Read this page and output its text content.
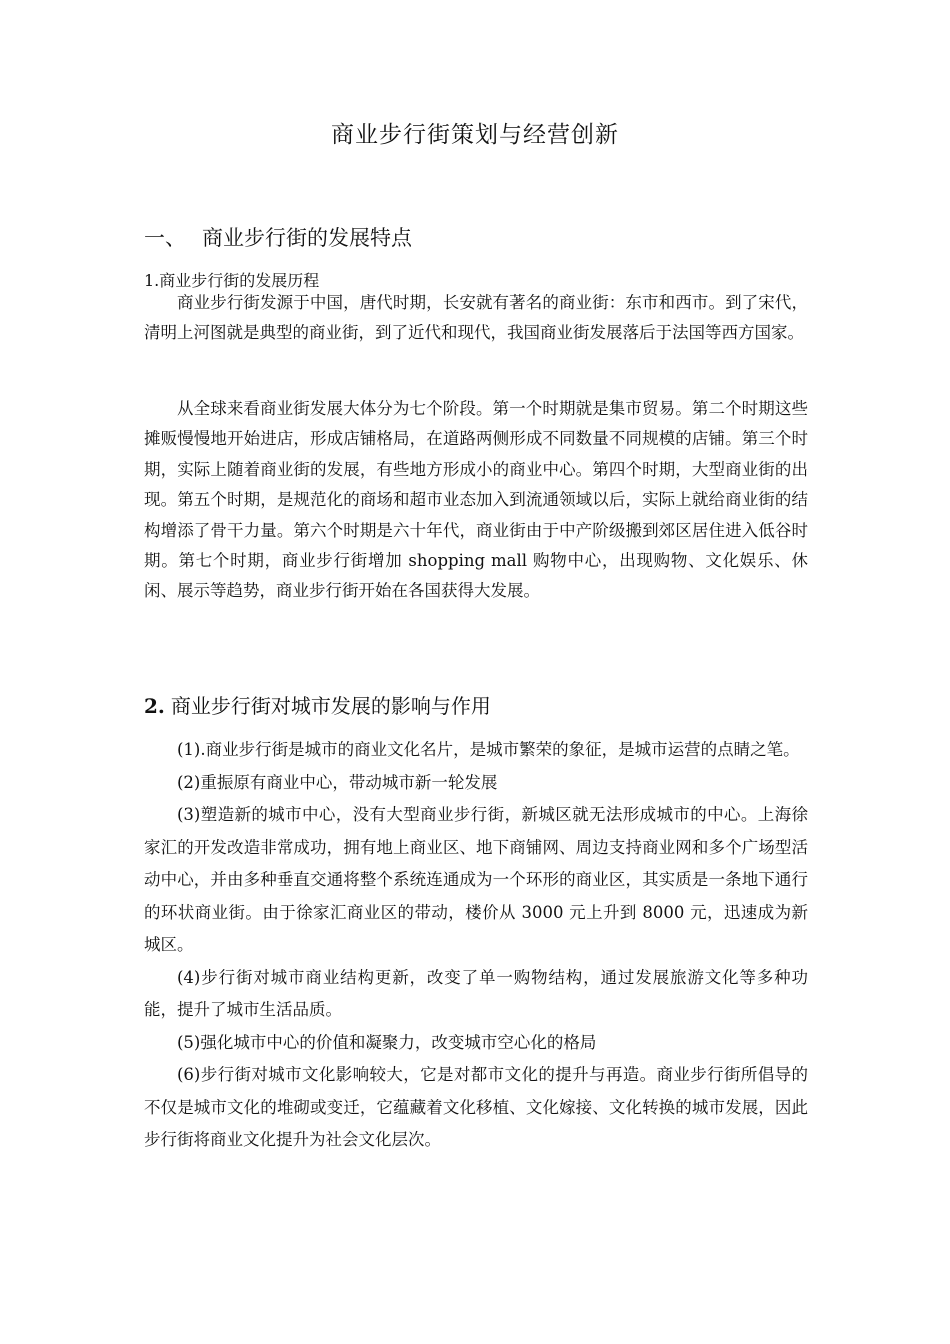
商业步行街策划与经营创新
一、 商业步行街的发展特点
1.商业步行街的发展历程

商业步行街发源于中国，唐代时期，长安就有著名的商业街：东市和西市。到了宋代，清明上河图就是典型的商业街，到了近代和现代，我国商业街发展落后于法国等西方国家。

从全球来看商业街发展大体分为七个阶段。第一个时期就是集市贸易。第二个时期这些摊贩慢慢地开始进店，形成店铺格局，在道路两侧形成不同数量不同规模的店铺。第三个时期，实际上随着商业街的发展，有些地方形成小的商业中心。第四个时期，大型商业街的出现。第五个时期，是规范化的商场和超市业态加入到流通领域以后，实际上就给商业街的结构增添了骨干力量。第六个时期是六十年代，商业街由于中产阶级搬到郊区居住进入低谷时期。第七个时期，商业步行街增加 shopping mall 购物中心，出现购物、文化娱乐、休闲、展示等趋势，商业步行街开始在各国获得大发展。

2. 商业步行街对城市发展的影响与作用

(1).商业步行街是城市的商业文化名片，是城市繁荣的象征，是城市运营的点睛之笔。

(2)重振原有商业中心，带动城市新一轮发展

(3)塑造新的城市中心，没有大型商业步行街，新城区就无法形成城市的中心。上海徐家汇的开发改造非常成功，拥有地上商业区、地下商铺网、周边支持商业网和多个广场型活动中心，并由多种垂直交通将整个系统连通成为一个环形的商业区，其实质是一条地下通行的环状商业街。由于徐家汇商业区的带动，楼价从 3000 元上升到 8000 元，迅速成为新城区。

(4)步行街对城市商业结构更新，改变了单一购物结构，通过发展旅游文化等多种功能，提升了城市生活品质。

(5)强化城市中心的价值和凝聚力，改变城市空心化的格局

(6)步行街对城市文化影响较大，它是对都市文化的提升与再造。商业步行街所倡导的不仅是城市文化的堆砌或变迁，它蕴藏着文化移植、文化嫁接、文化转换的城市发展，因此步行街将商业文化提升为社会文化层次。
